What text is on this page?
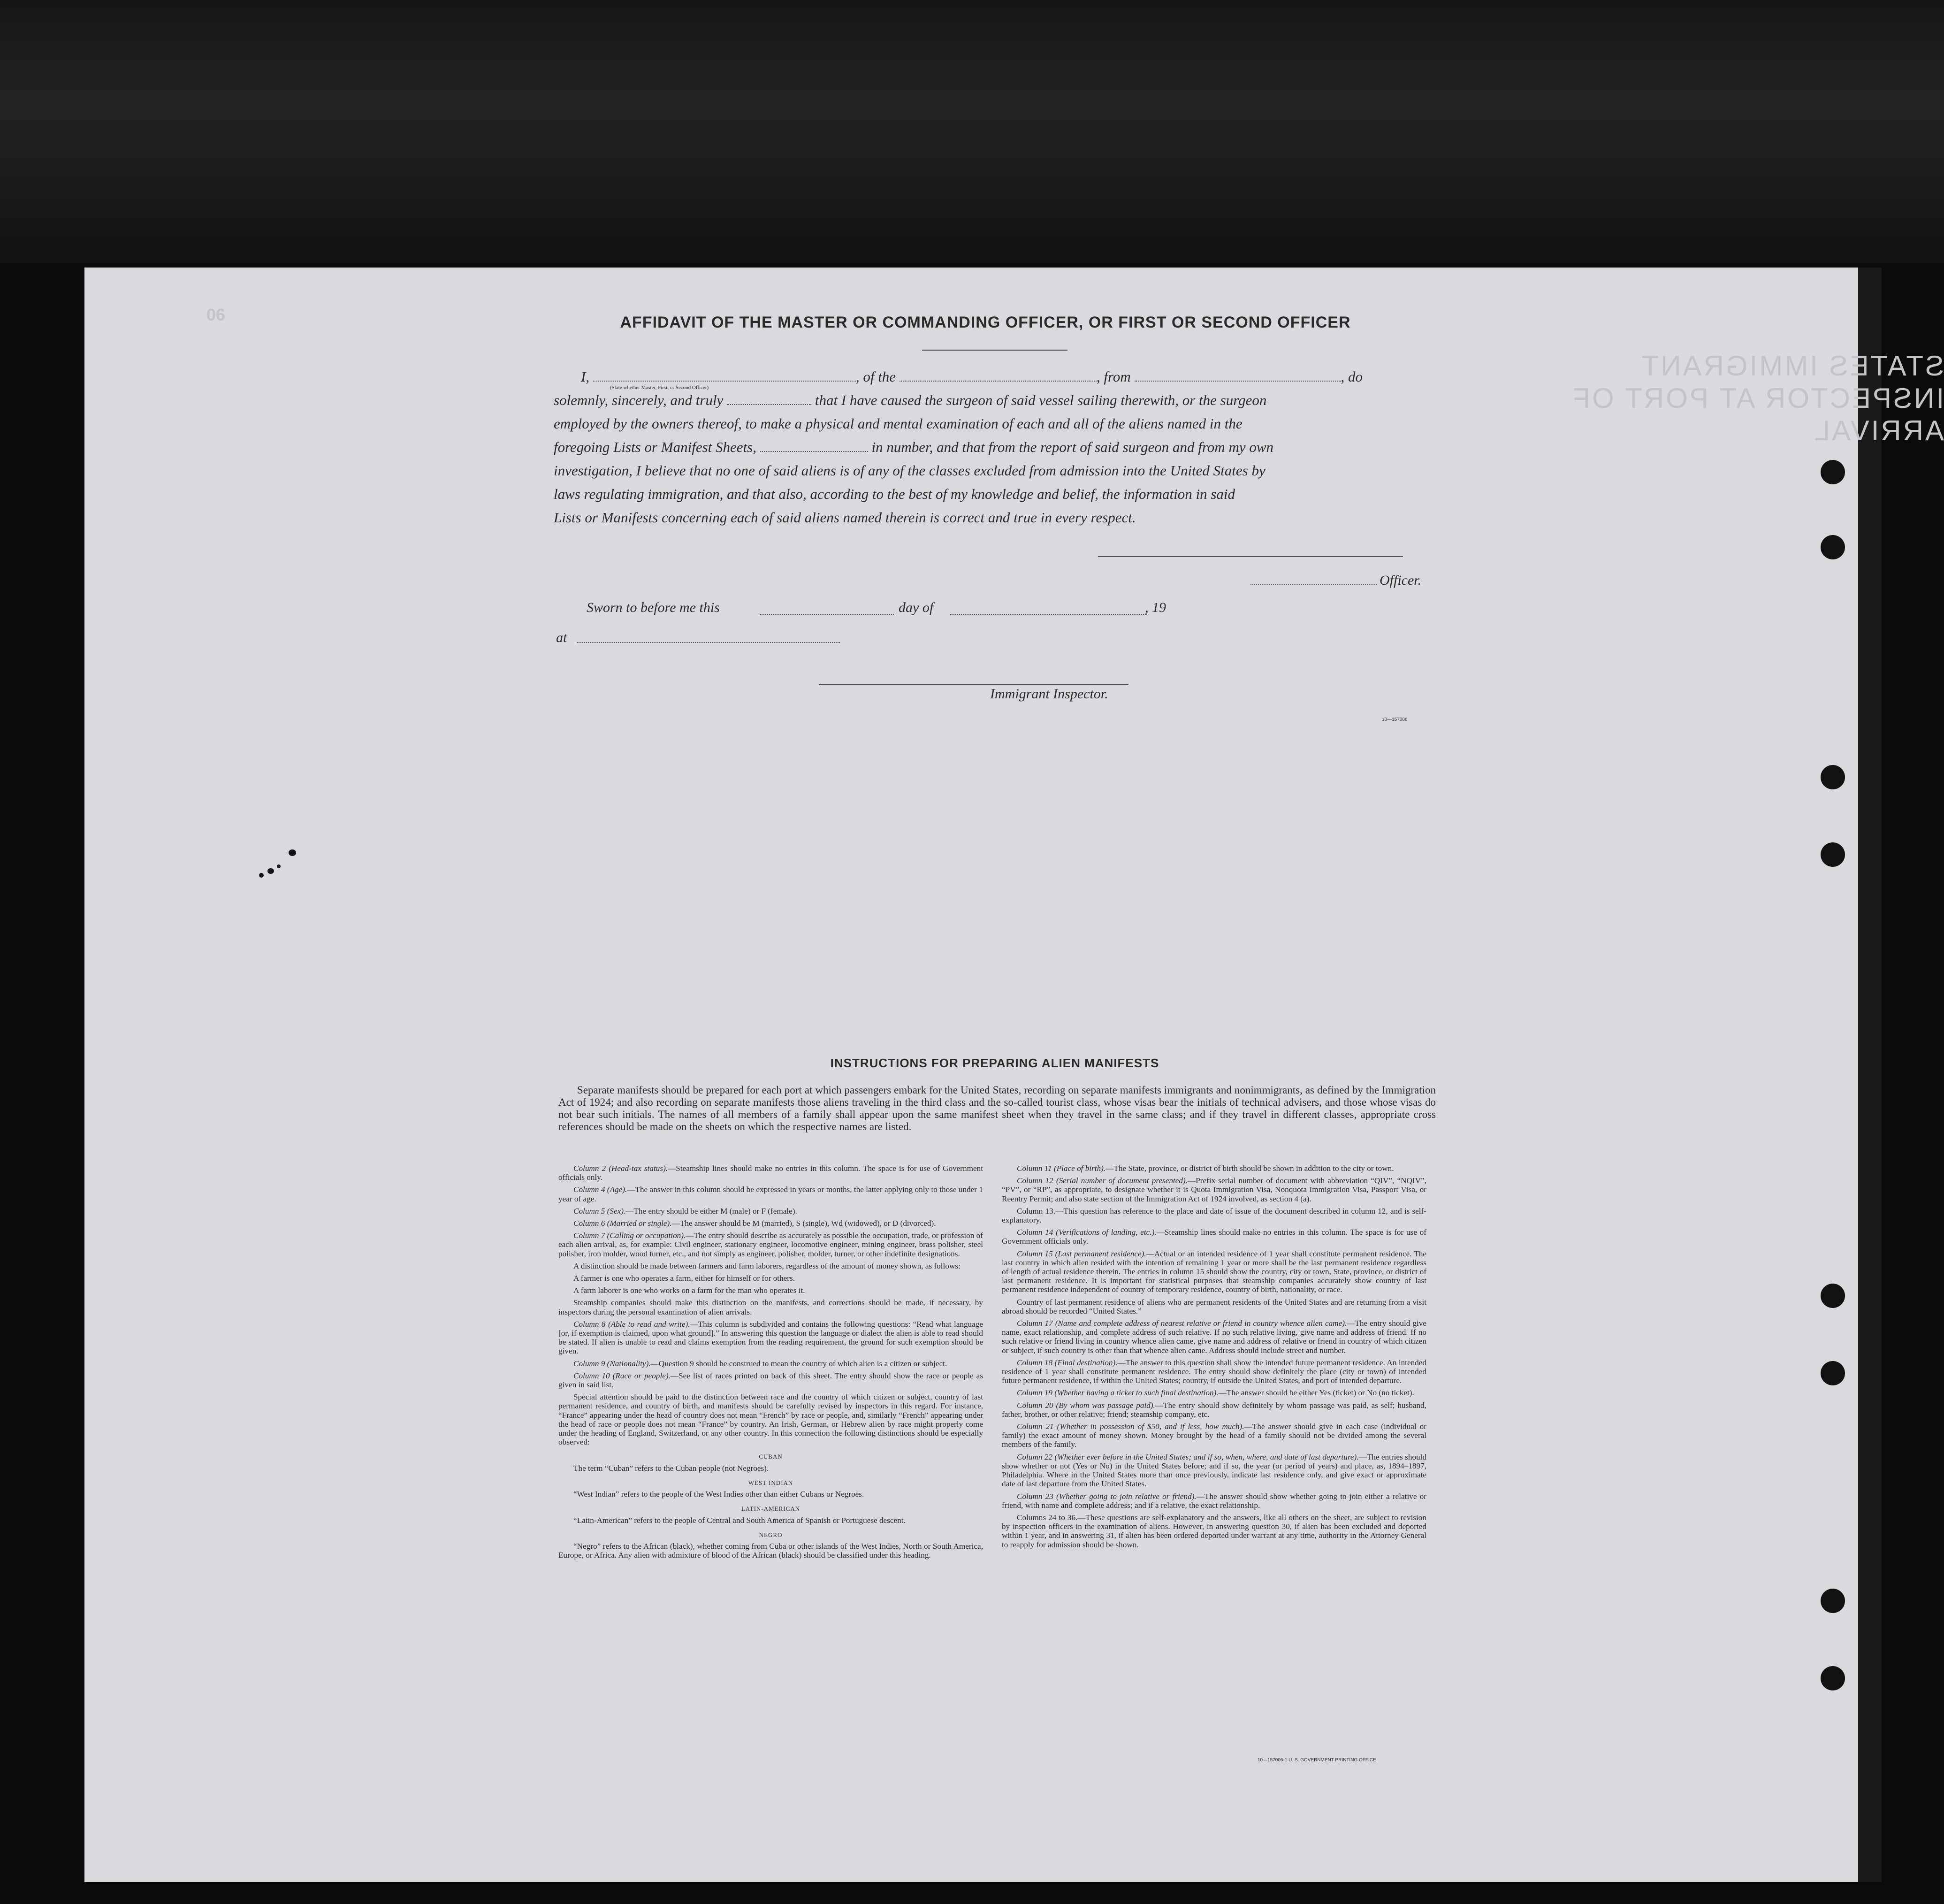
STATES IMMIGRANT INSPECTOR AT PORT OF ARRIVAL
06	AFFIDAVIT OF THE MASTER OR COMMANDING OFFICER, OR FIRST OR SECOND OFFICER
I,	, of the	, from	, do
solemnly, sincerely, and truly	that I have caused the surgeon of said vessel sailing therewith, or the surgeon
employed by the owners thereof, to make a physical and mental examination of each and all of the aliens named in the
foregoing Lists or Manifest Sheets,	in number, and that from the report of said surgeon and from my own
investigation, I believe that no one of said aliens is of any of the classes excluded from admission into the United States by
laws regulating immigration, and that also, according to the best of my knowledge and belief, the information in said
Lists or Manifests concerning each of said aliens named therein is correct and true in every respect.
(State whether Master, First, or Second Officer)
Officer.
Sworn to before me this	day of	, 19
at
Immigrant Inspector.
10—157006
INSTRUCTIONS FOR PREPARING ALIEN MANIFESTS
Separate manifests should be prepared for each port at which passengers embark for the United States, recording on separate manifests immigrants and nonimmigrants, as defined by the Immigration Act of 1924; and also recording on separate manifests those aliens traveling in the third class and the so-called tourist class, whose visas bear the initials of technical advisers, and those whose visas do not bear such initials. The names of all members of a family shall appear upon the same manifest sheet when they travel in the same class; and if they travel in different classes, appropriate cross references should be made on the sheets on which the respective names are listed.

Column 2 (Head-tax status).—Steamship lines should make no entries in this column. The space is for use of Government officials only.

Column 4 (Age).—The answer in this column should be expressed in years or months, the latter applying only to those under 1 year of age.

Column 5 (Sex).—The entry should be either M (male) or F (female).

Column 6 (Married or single).—The answer should be M (married), S (single), Wd (widowed), or D (divorced).

Column 7 (Calling or occupation).—The entry should describe as accurately as possible the occupation, trade, or profession of each alien arrival, as, for example: Civil engineer, stationary engineer, locomotive engineer, mining engineer, brass polisher, steel polisher, iron molder, wood turner, etc., and not simply as engineer, polisher, molder, turner, or other indefinite designations.

A distinction should be made between farmers and farm laborers, regardless of the amount of money shown, as follows:

A farmer is one who operates a farm, either for himself or for others.

A farm laborer is one who works on a farm for the man who operates it.

Steamship companies should make this distinction on the manifests, and corrections should be made, if necessary, by inspectors during the personal examination of alien arrivals.

Column 8 (Able to read and write).—This column is subdivided and contains the following questions: “Read what language [or, if exemption is claimed, upon what ground].” In answering this question the language or dialect the alien is able to read should be stated. If alien is unable to read and claims exemption from the reading requirement, the ground for such exemption should be given.

Column 9 (Nationality).—Question 9 should be construed to mean the country of which alien is a citizen or subject.

Column 10 (Race or people).—See list of races printed on back of this sheet. The entry should show the race or people as given in said list.

Special attention should be paid to the distinction between race and the country of which citizen or subject, country of last permanent residence, and country of birth, and manifests should be carefully revised by inspectors in this regard. For instance, “France” appearing under the head of country does not mean “French” by race or people, and, similarly “French” appearing under the head of race or people does not mean “France” by country. An Irish, German, or Hebrew alien by race might properly come under the heading of England, Switzerland, or any other country. In this connection the following distinctions should be especially observed:

CUBAN

The term “Cuban” refers to the Cuban people (not Negroes).

WEST INDIAN

“West Indian” refers to the people of the West Indies other than either Cubans or Negroes.

LATIN-AMERICAN

“Latin-American” refers to the people of Central and South America of Spanish or Portuguese descent.

NEGRO

“Negro” refers to the African (black), whether coming from Cuba or other islands of the West Indies, North or South America, Europe, or Africa. Any alien with admixture of blood of the African (black) should be classified under this heading.

Column 11 (Place of birth).—The State, province, or district of birth should be shown in addition to the city or town.

Column 12 (Serial number of document presented).—Prefix serial number of document with abbreviation “QIV”, “NQIV”, “PV”, or “RP”, as appropriate, to designate whether it is Quota Immigration Visa, Nonquota Immigration Visa, Passport Visa, or Reentry Permit; and also state section of the Immigration Act of 1924 involved, as section 4 (a).

Column 13.—This question has reference to the place and date of issue of the document described in column 12, and is self-explanatory.

Column 14 (Verifications of landing, etc.).—Steamship lines should make no entries in this column. The space is for use of Government officials only.

Column 15 (Last permanent residence).—Actual or an intended residence of 1 year shall constitute permanent residence. The last country in which alien resided with the intention of remaining 1 year or more shall be the last permanent residence regardless of length of actual residence therein. The entries in column 15 should show the country, city or town, State, province, or district of last permanent residence. It is important for statistical purposes that steamship companies accurately show country of last permanent residence independent of country of temporary residence, country of birth, nationality, or race.

Country of last permanent residence of aliens who are permanent residents of the United States and are returning from a visit abroad should be recorded “United States.”

Column 17 (Name and complete address of nearest relative or friend in country whence alien came).—The entry should give name, exact relationship, and complete address of such relative. If no such relative living, give name and address of friend. If no such relative or friend living in country whence alien came, give name and address of relative or friend in country of which citizen or subject, if such country is other than that whence alien came. Address should include street and number.

Column 18 (Final destination).—The answer to this question shall show the intended future permanent residence. An intended residence of 1 year shall constitute permanent residence. The entry should show definitely the place (city or town) of intended future permanent residence, if within the United States; country, if outside the United States, and port of intended departure.

Column 19 (Whether having a ticket to such final destination).—The answer should be either Yes (ticket) or No (no ticket).

Column 20 (By whom was passage paid).—The entry should show definitely by whom passage was paid, as self; husband, father, brother, or other relative; friend; steamship company, etc.

Column 21 (Whether in possession of $50, and if less, how much).—The answer should give in each case (individual or family) the exact amount of money shown. Money brought by the head of a family should not be divided among the several members of the family.

Column 22 (Whether ever before in the United States; and if so, when, where, and date of last departure).—The entries should show whether or not (Yes or No) in the United States before; and if so, the year (or period of years) and place, as, 1894–1897, Philadelphia. Where in the United States more than once previously, indicate last residence only, and give exact or approximate date of last departure from the United States.

Column 23 (Whether going to join relative or friend).—The answer should show whether going to join either a relative or friend, with name and complete address; and if a relative, the exact relationship.

Columns 24 to 36.—These questions are self-explanatory and the answers, like all others on the sheet, are subject to revision by inspection officers in the examination of aliens. However, in answering question 30, if alien has been excluded and deported within 1 year, and in answering 31, if alien has been ordered deported under warrant at any time, authority in the Attorney General to reapply for admission should be shown.

10—157006-1 U. S. GOVERNMENT PRINTING OFFICE
